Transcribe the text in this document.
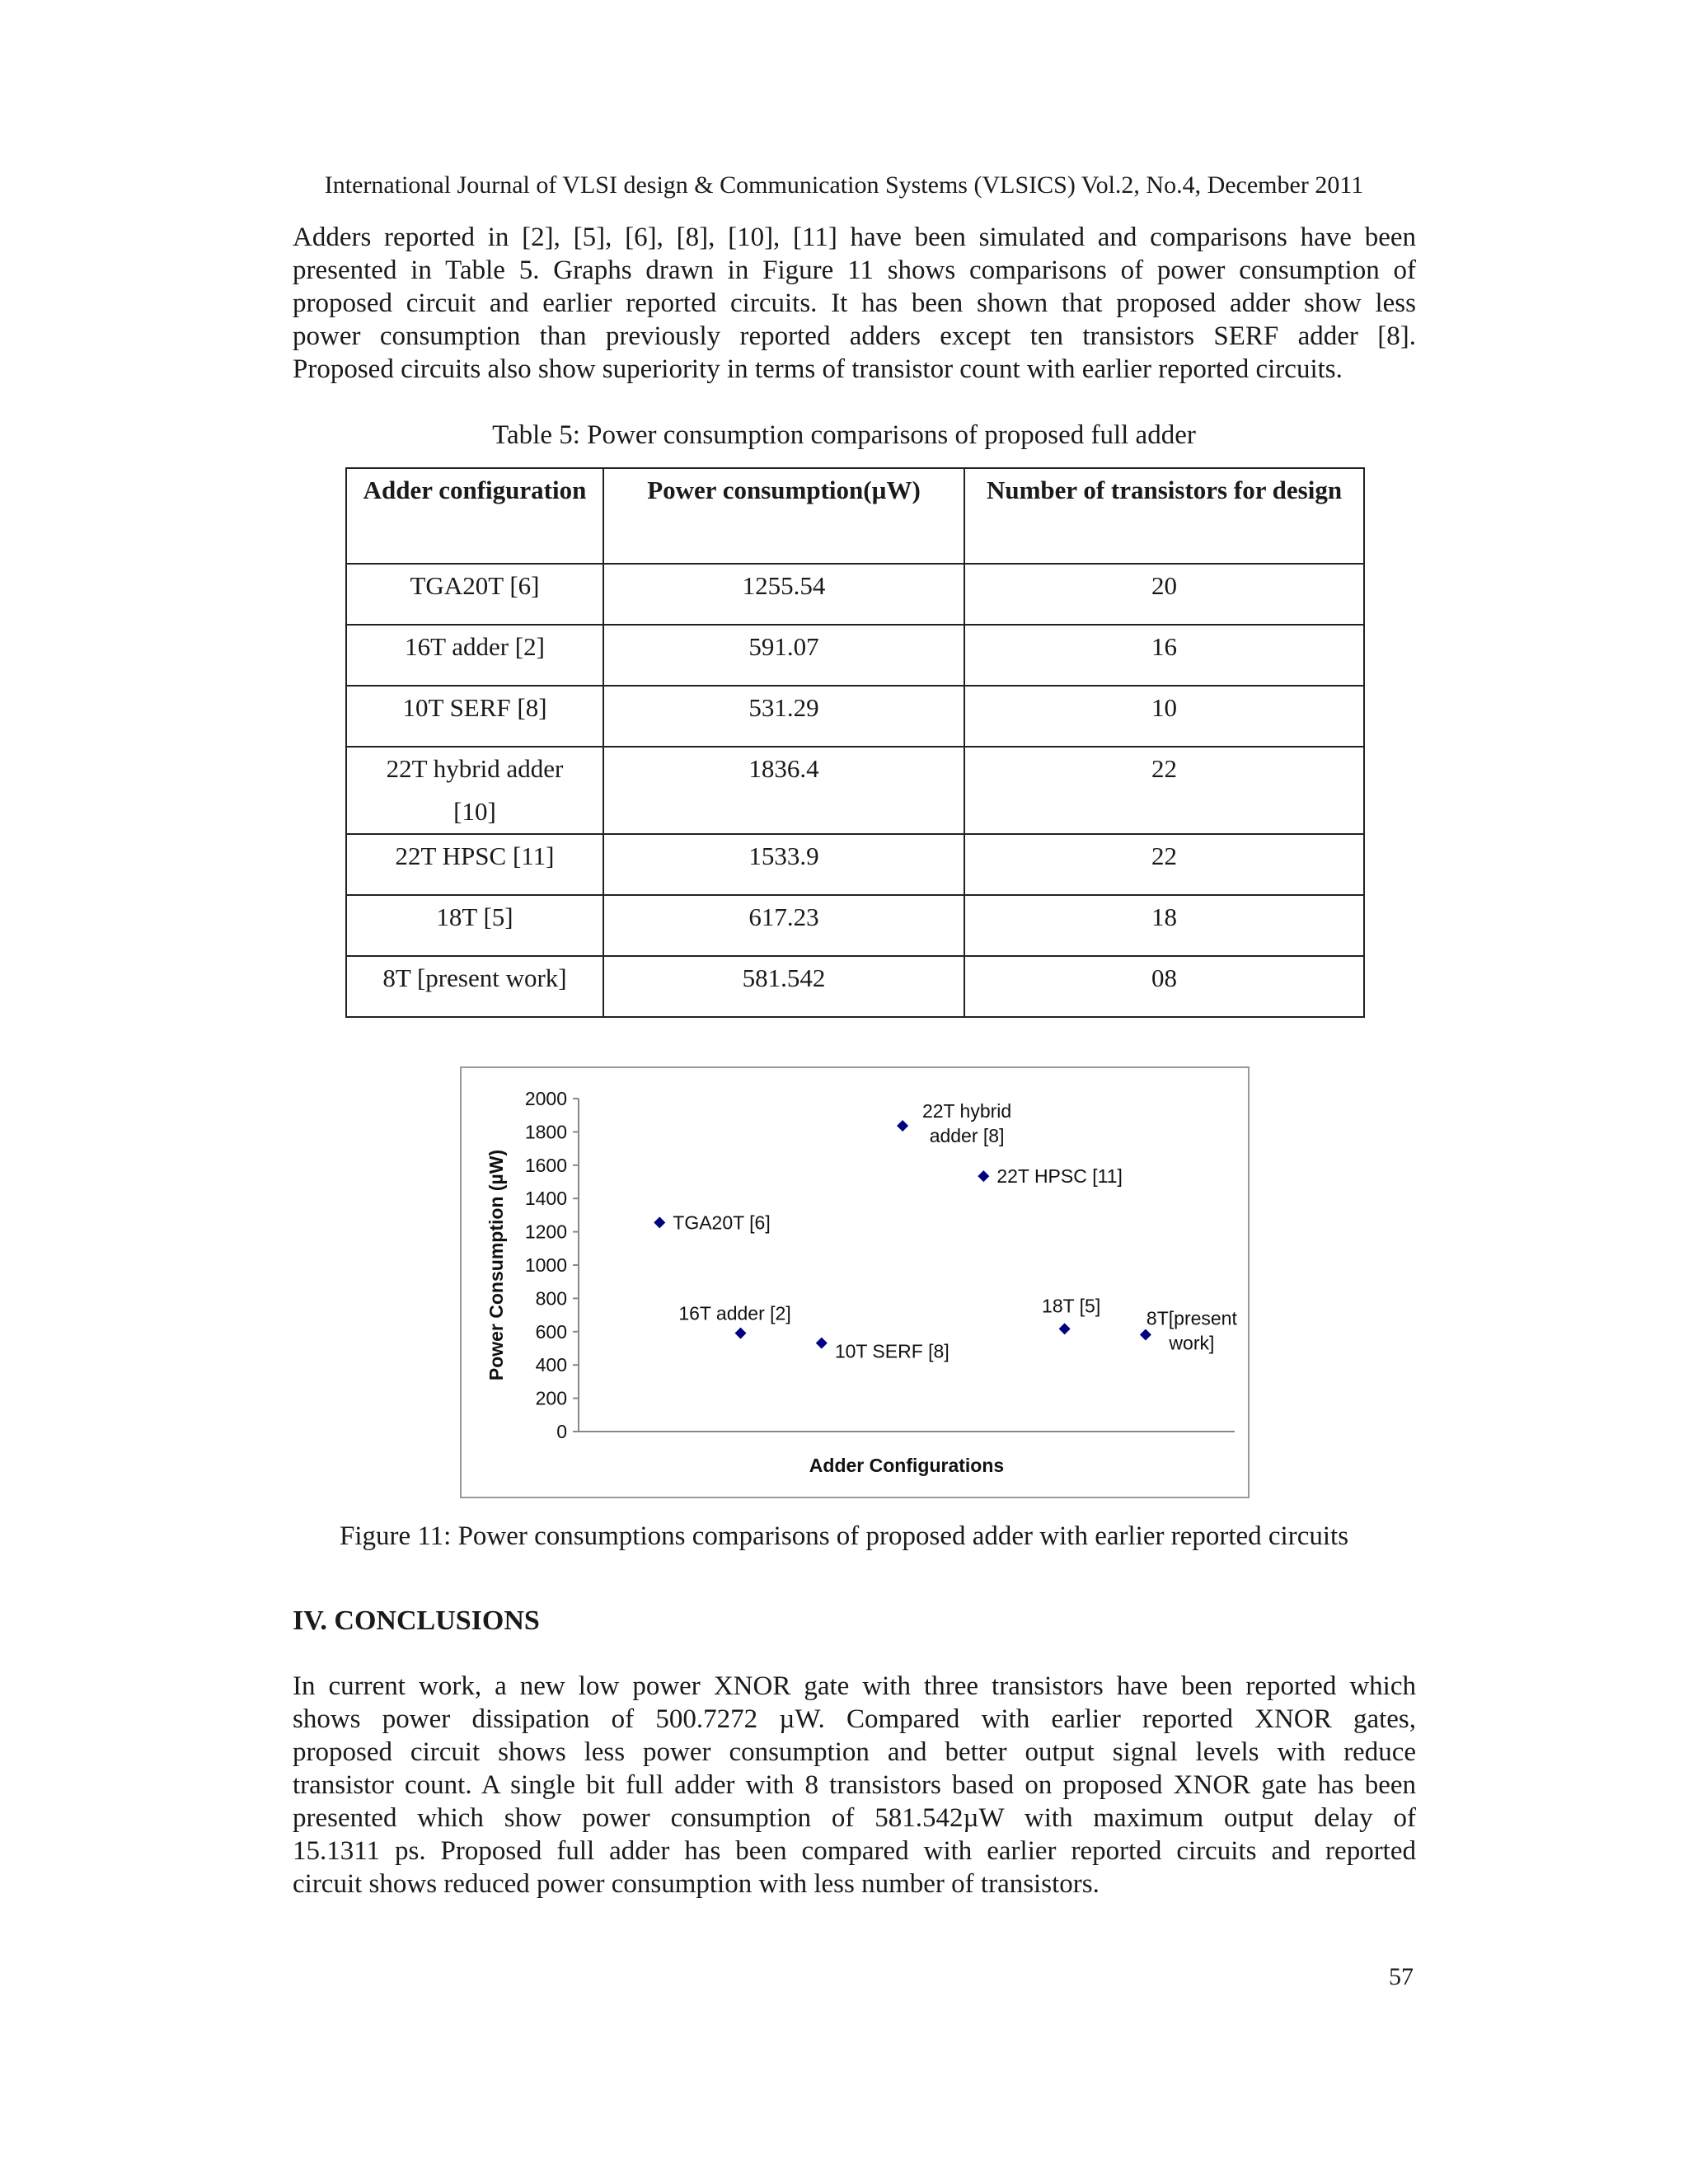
International Journal of VLSI design & Communication Systems (VLSICS) Vol.2, No.4, December 2011

Adders reported in [2], [5], [6], [8], [10], [11] have been simulated and comparisons have been
presented in Table 5. Graphs drawn in Figure 11 shows comparisons of power consumption of
proposed circuit and earlier reported circuits. It has been shown that proposed adder show less
power consumption than previously reported adders except ten transistors SERF adder [8].
Proposed circuits also show superiority in terms of transistor count with earlier reported circuits.

Table 5: Power consumption comparisons of proposed full adder
Adder configuration	Power consumption(µW)	Number of transistors for design
TGA20T [6]	1255.54	20
16T adder [2]	591.07	16
10T SERF [8]	531.29	10
22T hybrid adder
[10]	1836.4	22
22T HPSC [11]	1533.9	22
18T [5]	617.23	18
8T [present work]	581.542	08
0
200
400
600
800
1000
1200
1400
1600
1800
2000
Power Consumption (µW)
Adder Configurations
TGA20T [6]
16T adder [2]
10T SERF [8]
22T hybrid
adder [8]
22T HPSC [11]
18T [5]
8T[present
work]
Figure 11: Power consumptions comparisons of proposed adder with earlier reported circuits
IV. CONCLUSIONS

In current work, a new low power XNOR gate with three transistors have been reported which
shows power dissipation of 500.7272 µW. Compared with earlier reported XNOR gates,
proposed circuit shows less power consumption and better output signal levels with reduce
transistor count. A single bit full adder with 8 transistors based on proposed XNOR gate has been
presented which show power consumption of 581.542µW with maximum output delay of
15.1311 ps. Proposed full adder has been compared with earlier reported circuits and reported
circuit shows reduced power consumption with less number of transistors.

57
